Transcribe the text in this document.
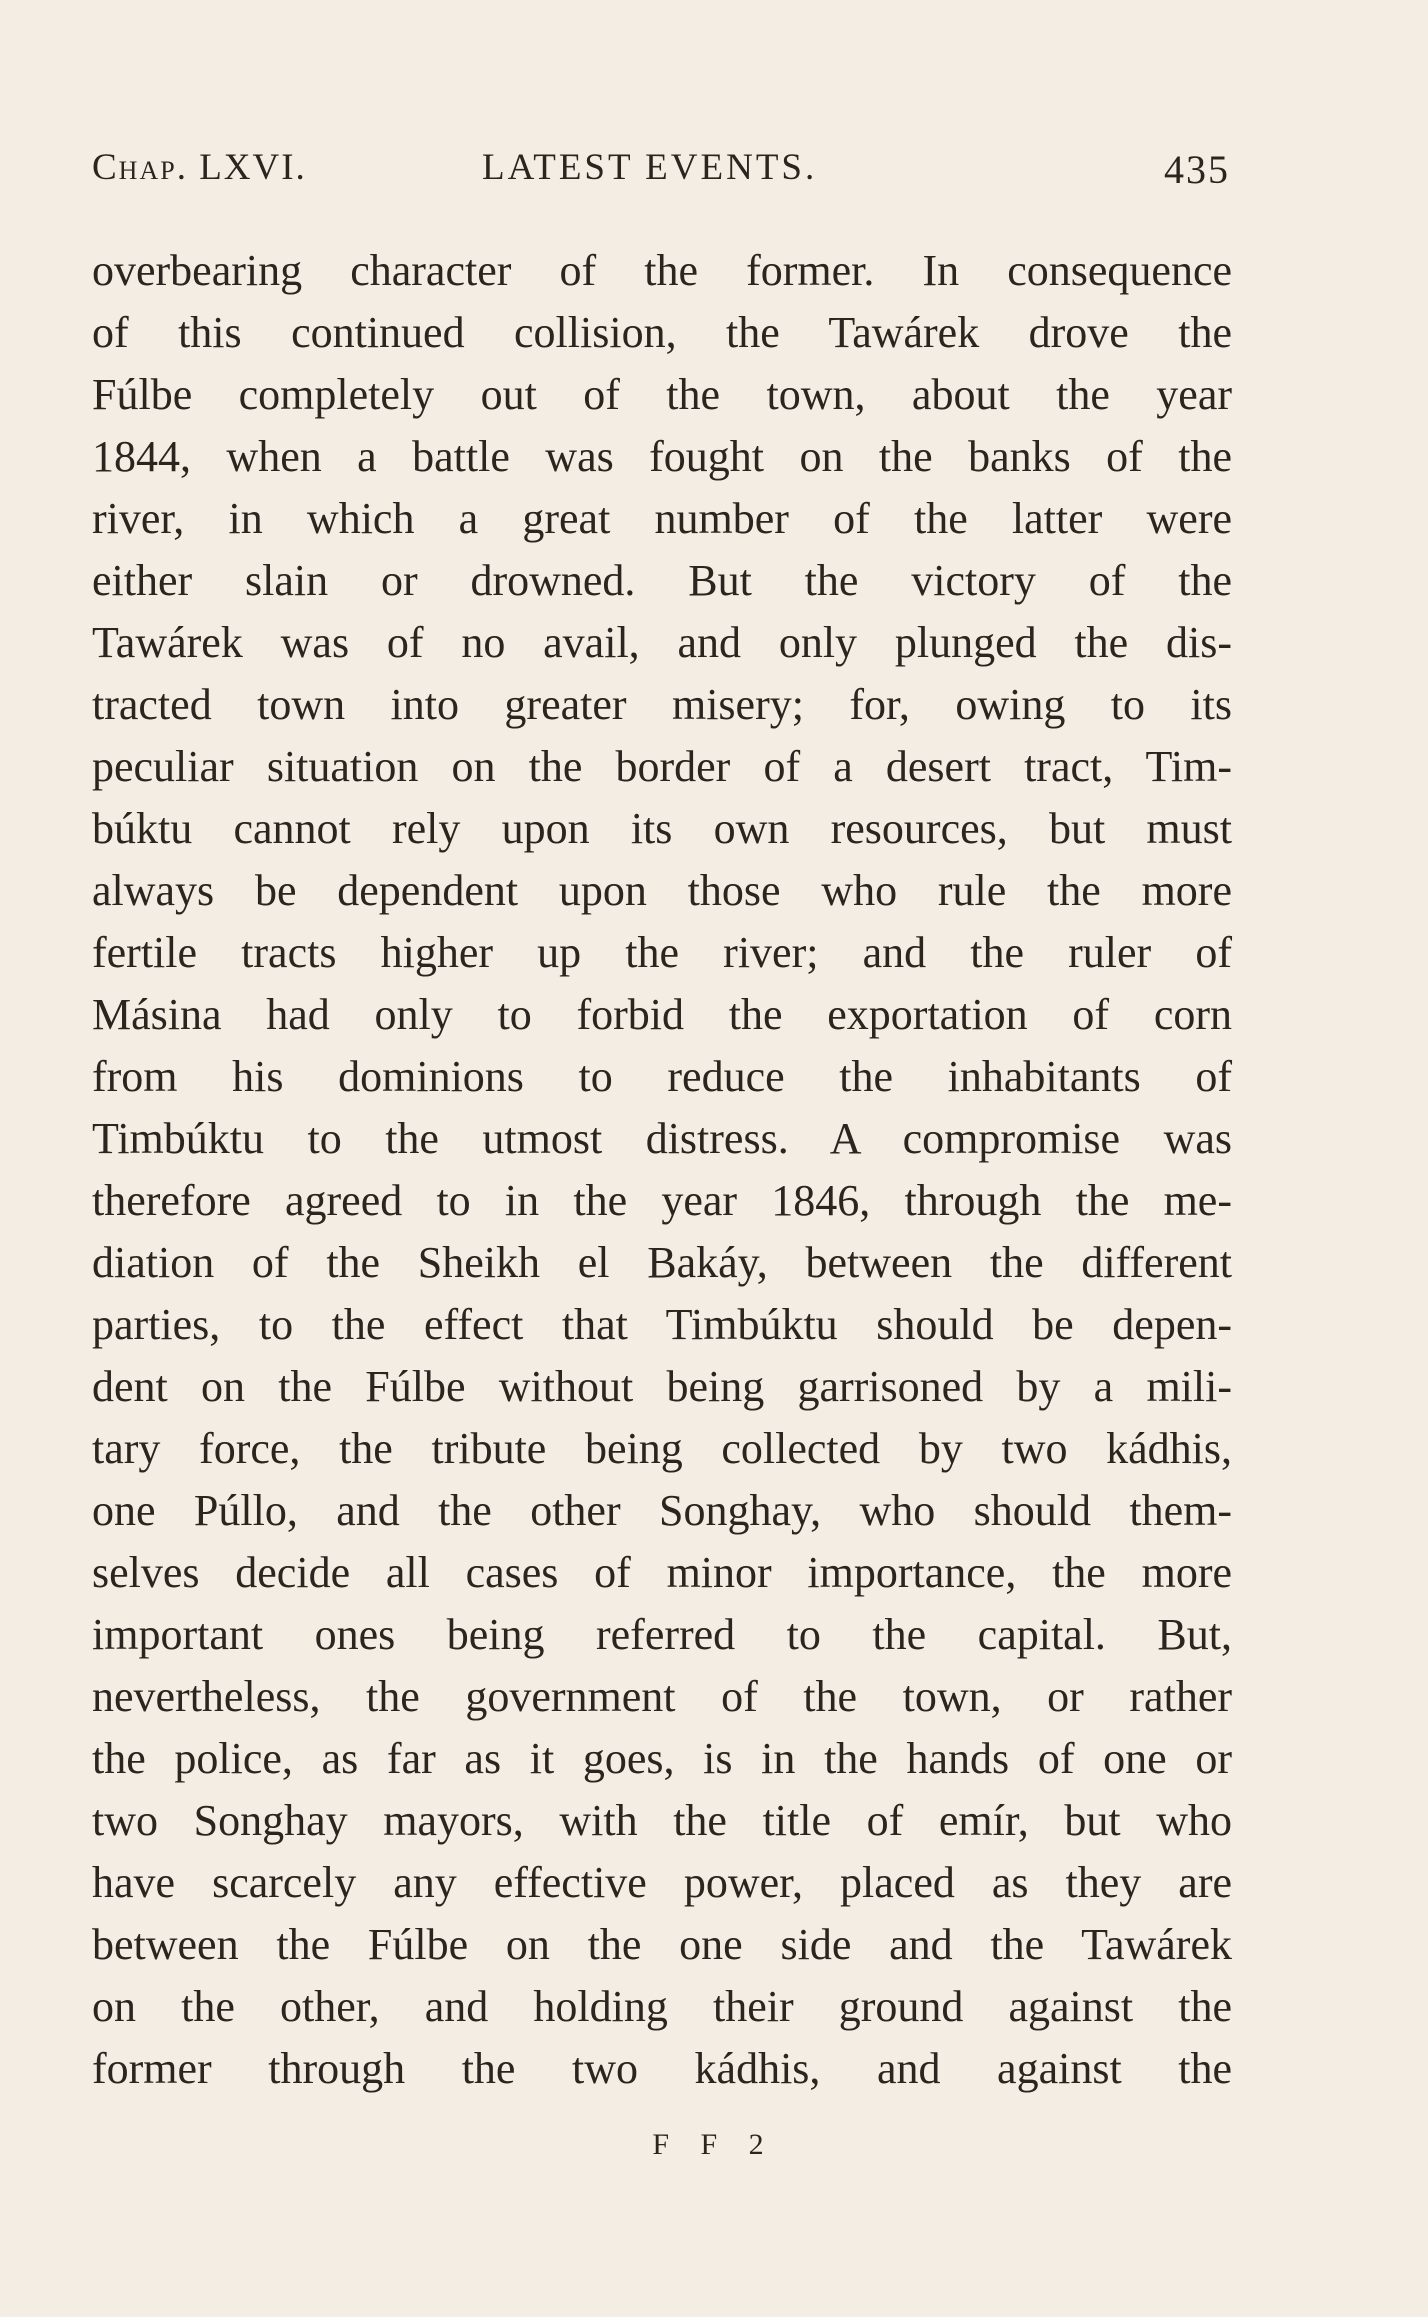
Chap. LXVI.	LATEST EVENTS.	435
overbearing character of the former. In consequence
of this continued collision, the Tawárek drove the
Fúlbe completely out of the town, about the year
1844, when a battle was fought on the banks of the
river, in which a great number of the latter were
either slain or drowned. But the victory of the
Tawárek was of no avail, and only plunged the dis-
tracted town into greater misery; for, owing to its
peculiar situation on the border of a desert tract, Tim-
búktu cannot rely upon its own resources, but must
always be dependent upon those who rule the more
fertile tracts higher up the river; and the ruler of
Másina had only to forbid the exportation of corn
from his dominions to reduce the inhabitants of
Timbúktu to the utmost distress. A compromise was
therefore agreed to in the year 1846, through the me-
diation of the Sheikh el Bakáy, between the different
parties, to the effect that Timbúktu should be depen-
dent on the Fúlbe without being garrisoned by a mili-
tary force, the tribute being collected by two kádhis,
one Púllo, and the other Songhay, who should them-
selves decide all cases of minor importance, the more
important ones being referred to the capital. But,
nevertheless, the government of the town, or rather
the police, as far as it goes, is in the hands of one or
two Songhay mayors, with the title of emír, but who
have scarcely any effective power, placed as they are
between the Fúlbe on the one side and the Tawárek
on the other, and holding their ground against the
former through the two kádhis, and against the
F F 2
